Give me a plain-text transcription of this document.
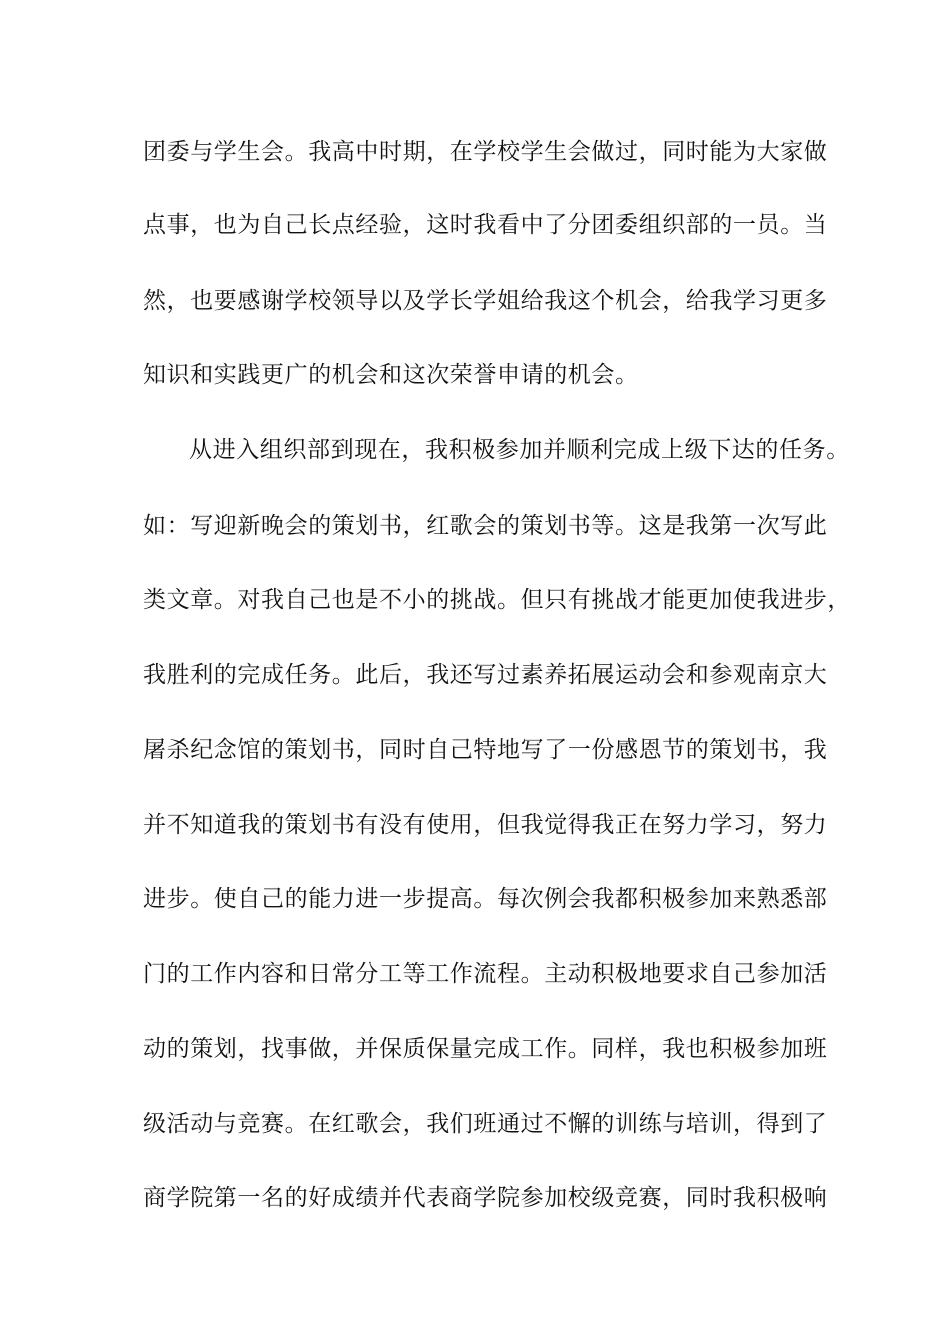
团委与学生会。我高中时期，在学校学生会做过，同时能为大家做
点事，也为自己长点经验，这时我看中了分团委组织部的一员。当
然，也要感谢学校领导以及学长学姐给我这个机会，给我学习更多
知识和实践更广的机会和这次荣誉申请的机会。
从进入组织部到现在，我积极参加并顺利完成上级下达的任务。
如：写迎新晚会的策划书，红歌会的策划书等。这是我第一次写此
类文章。对我自己也是不小的挑战。但只有挑战才能更加使我进步，
我胜利的完成任务。此后，我还写过素养拓展运动会和参观南京大
屠杀纪念馆的策划书，同时自己特地写了一份感恩节的策划书，我
并不知道我的策划书有没有使用，但我觉得我正在努力学习，努力
进步。使自己的能力进一步提高。每次例会我都积极参加来熟悉部
门的工作内容和日常分工等工作流程。主动积极地要求自己参加活
动的策划，找事做，并保质保量完成工作。同样，我也积极参加班
级活动与竞赛。在红歌会，我们班通过不懈的训练与培训，得到了
商学院第一名的好成绩并代表商学院参加校级竞赛，同时我积极响
